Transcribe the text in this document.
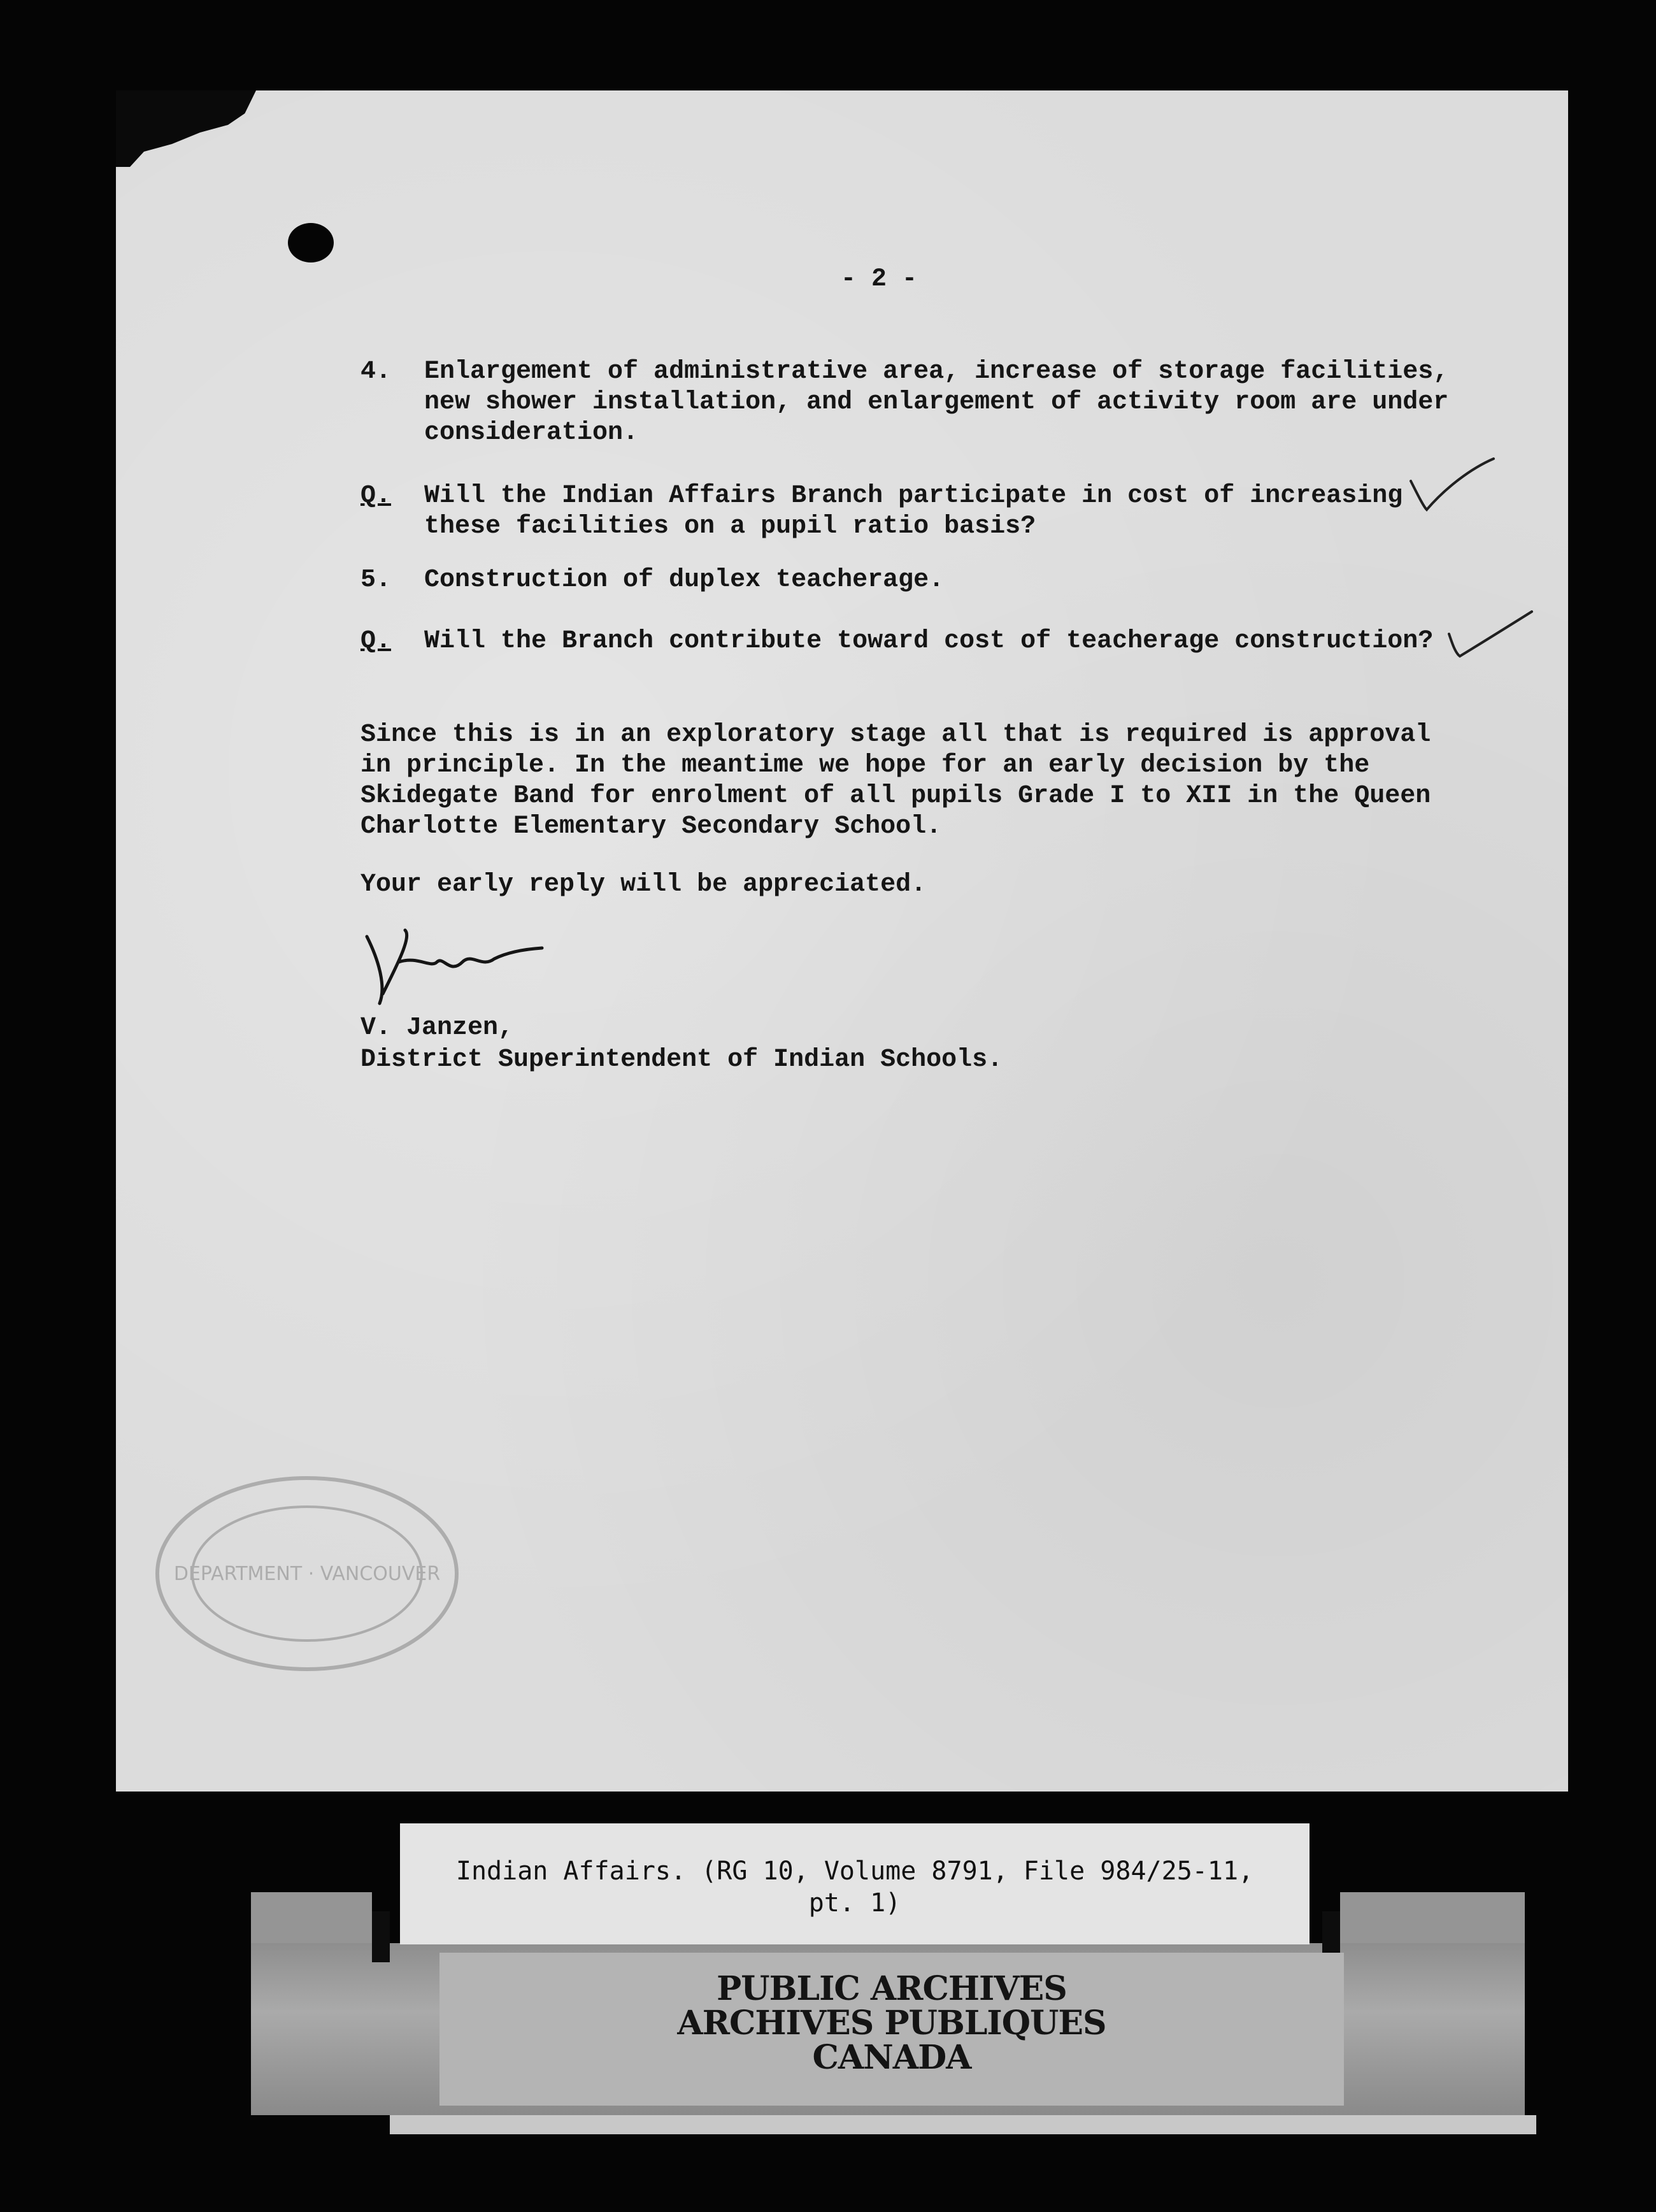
- 2 -
4.	Enlargement of administrative area, increase of storage facilities,
new shower installation, and enlargement of activity room are under
consideration.
Q.	Will the Indian Affairs Branch participate in cost of increasing
these facilities on a pupil ratio basis?
5.	Construction of duplex teacherage.
Q.	Will the Branch contribute toward cost of teacherage construction?
Since this is in an exploratory stage all that is required is approval
in principle. In the meantime we hope for an early decision by the
Skidegate Band for enrolment of all pupils Grade I to XII in the Queen
Charlotte Elementary Secondary School.
Your early reply will be appreciated.
V. Janzen,
District Superintendent of Indian Schools.
DEPARTMENT · VANCOUVER
Indian Affairs. (RG 10, Volume 8791, File 984/25-11,
pt. 1)
PUBLIC ARCHIVES
ARCHIVES PUBLIQUES
CANADA
